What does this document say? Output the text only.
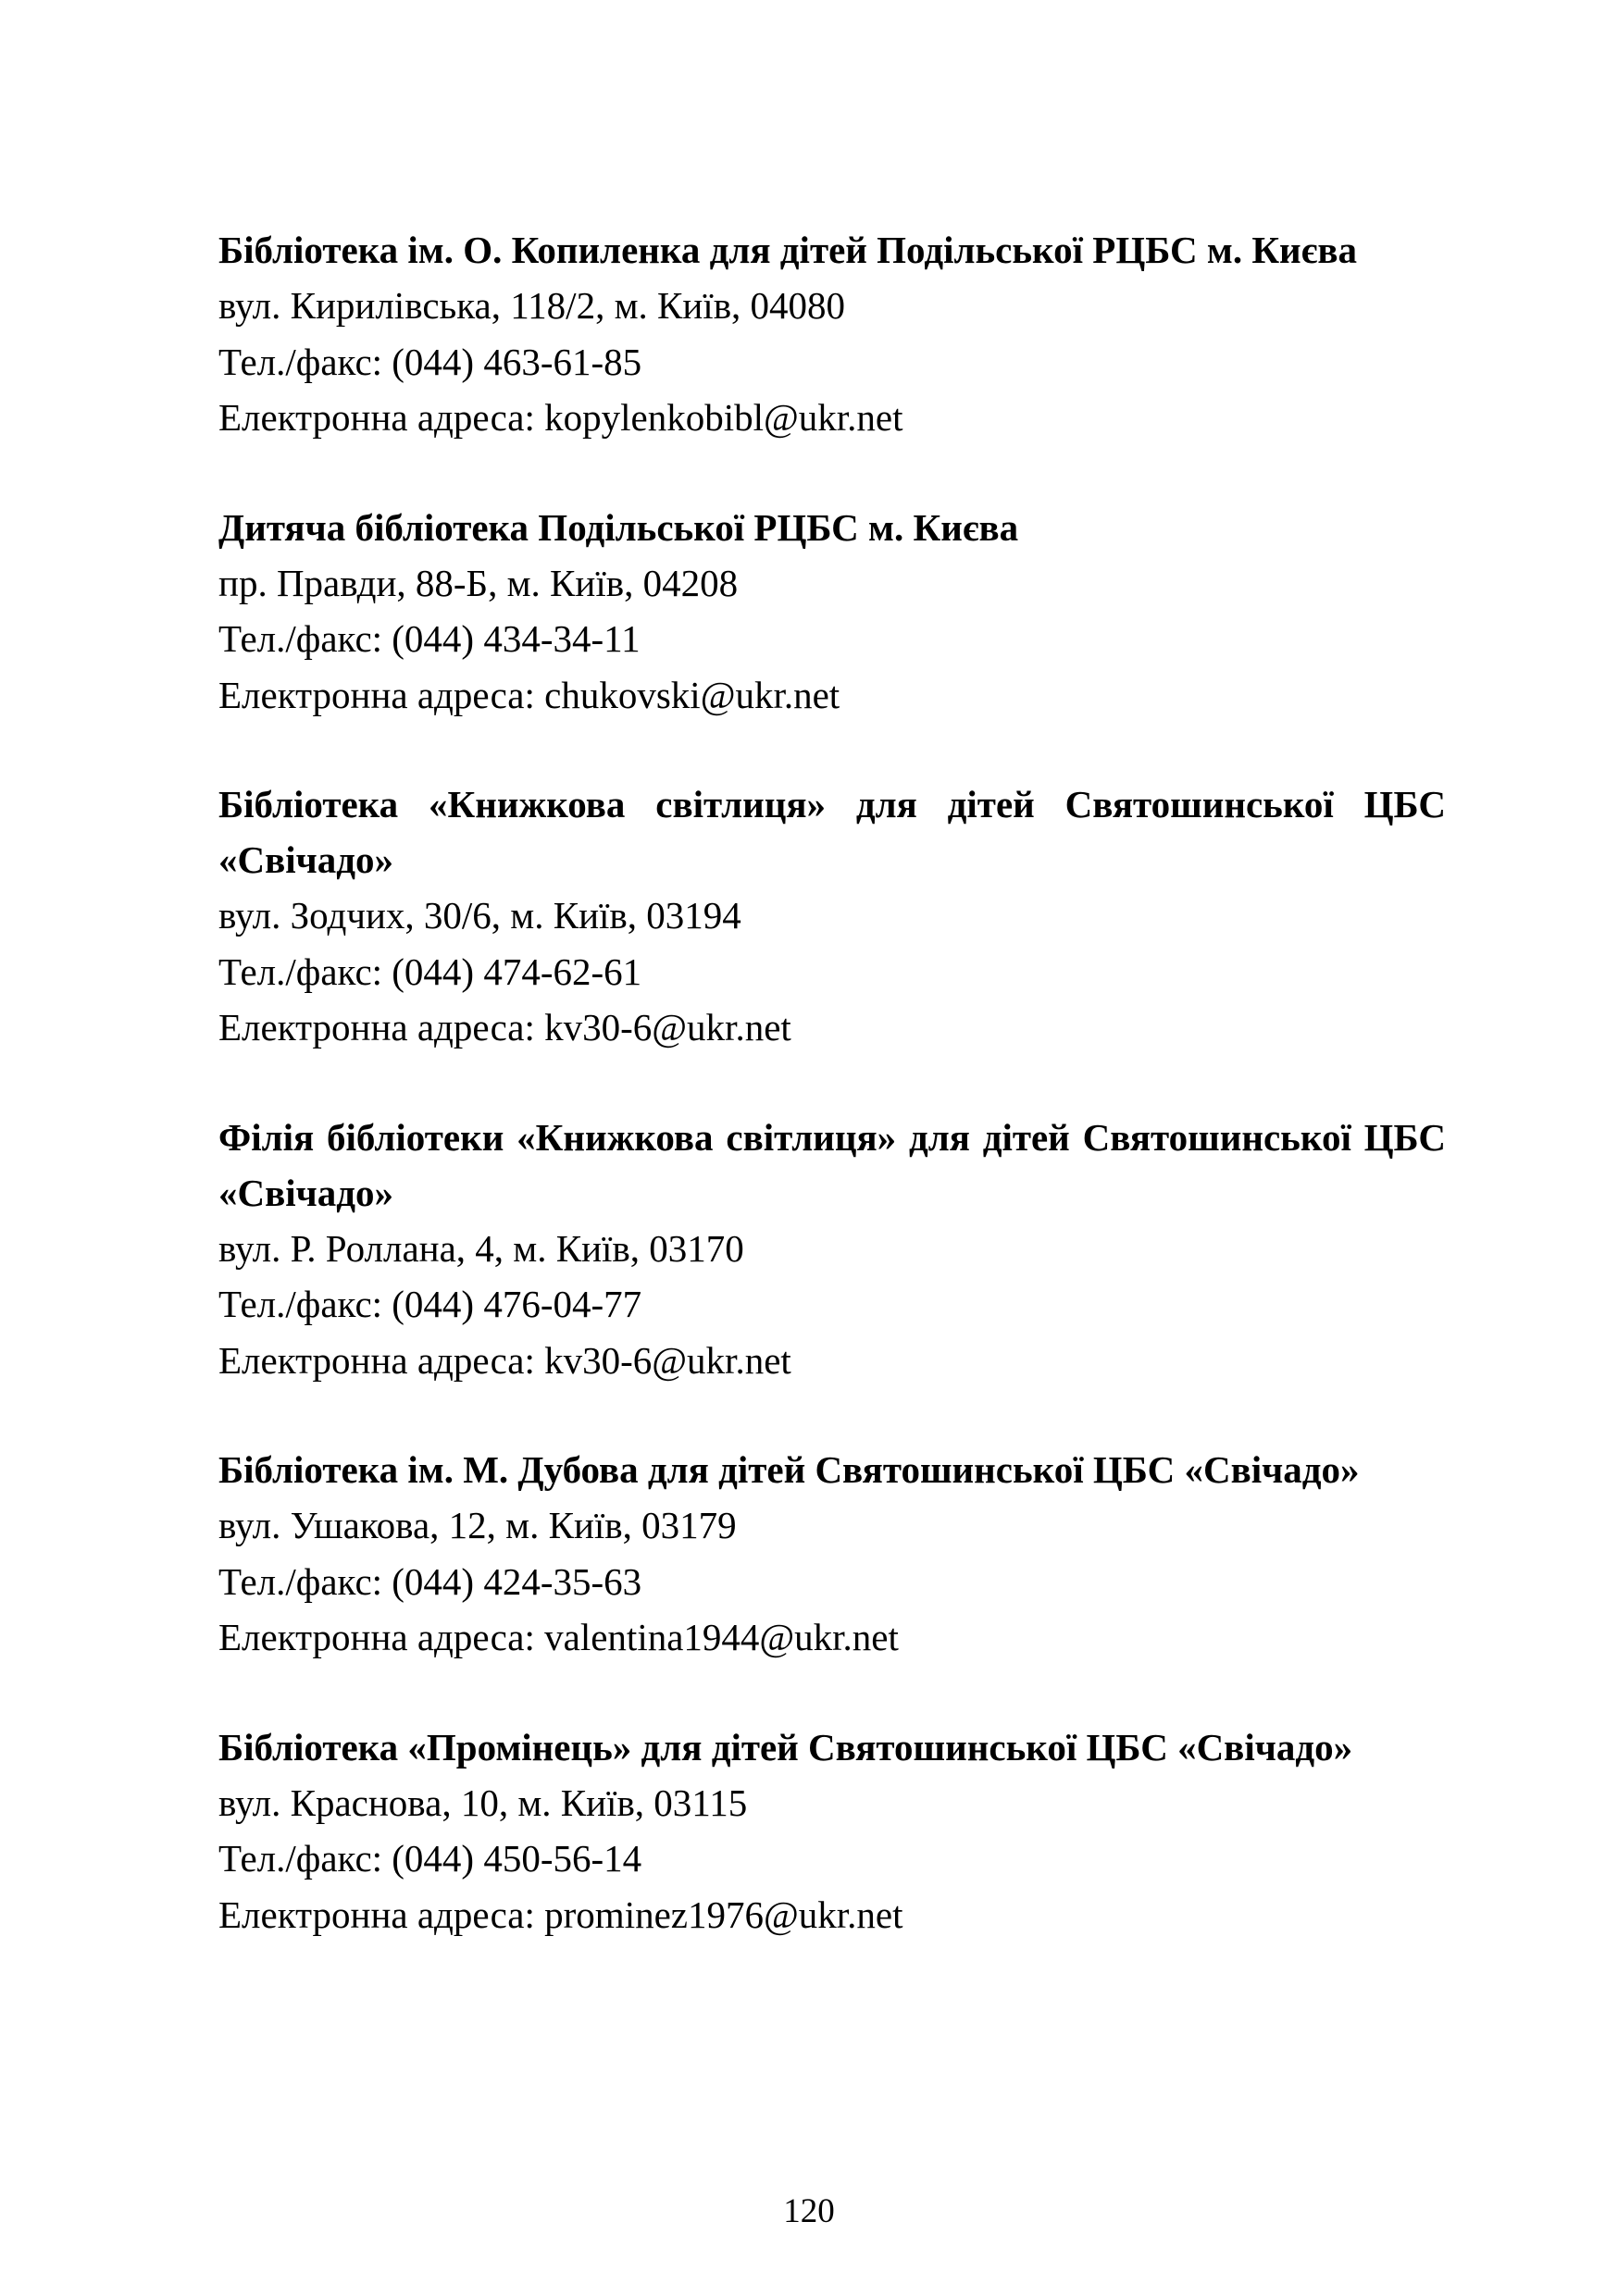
Бібліотека ім. О. Копиленка для дітей Подільської РЦБС м. Києва
вул. Кирилівська, 118/2, м. Київ, 04080
Тел./факс: (044) 463-61-85
Електронна адреса: kopylenkobibl@ukr.net
Дитяча бібліотека Подільської РЦБС м. Києва
пр. Правди, 88-Б, м. Київ, 04208
Тел./факс: (044) 434-34-11
Електронна адреса: chukovski@ukr.net
Бібліотека «Книжкова світлиця» для дітей Святошинської ЦБС «Свічадо»
вул. Зодчих, 30/6, м. Київ, 03194
Тел./факс: (044) 474-62-61
Електронна адреса: kv30-6@ukr.net
Філія бібліотеки «Книжкова світлиця» для дітей Святошинської ЦБС «Свічадо»
вул. Р. Роллана, 4, м. Київ, 03170
Тел./факс: (044) 476-04-77
Електронна адреса: kv30-6@ukr.net
Бібліотека ім. М. Дубова для дітей Святошинської ЦБС «Свічадо»
вул. Ушакова, 12, м. Київ, 03179
Тел./факс: (044) 424-35-63
Електронна адреса: valentina1944@ukr.net
Бібліотека «Промінець» для дітей Святошинської ЦБС «Свічадо»
вул. Краснова, 10, м. Київ, 03115
Тел./факс: (044) 450-56-14
Електронна адреса: prominez1976@ukr.net
120
